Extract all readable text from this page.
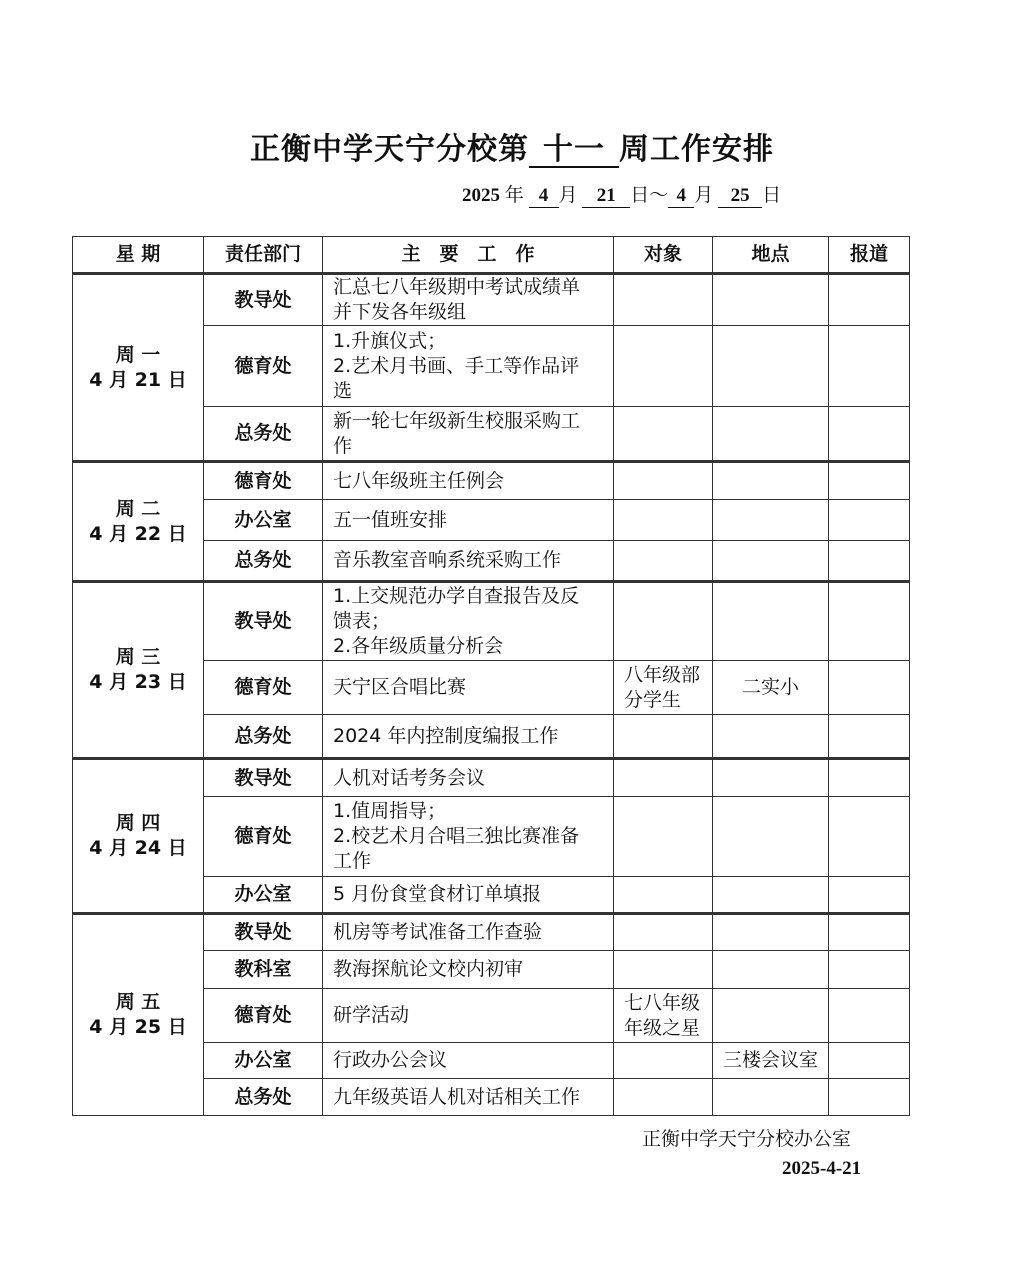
正衡中学天宁分校第 十一 周工作安排
2025 年 4 月 21 日～ 4 月 25 日
星 期	责任部门	主　要　工　作	对象	地点	报道

周 一
4 月 21 日	教导处	汇总七八年级期中考试成绩单
并下发各年级组			

	德育处	1.升旗仪式；
2.艺术月书画、手工等作品评
选			

	总务处	新一轮七年级新生校服采购工
作			

周 二
4 月 22 日	德育处	七八年级班主任例会			

	办公室	五一值班安排			

	总务处	音乐教室音响系统采购工作			

周 三
4 月 23 日	教导处	1.上交规范办学自查报告及反
馈表；
2.各年级质量分析会			

	德育处	天宁区合唱比赛	八年级部
分学生	二实小	
	总务处	2024 年内控制度编报工作			

周 四
4 月 24 日	教导处	人机对话考务会议			

	德育处	1.值周指导；
2.校艺术月合唱三独比赛准备
工作			

	办公室	5 月份食堂食材订单填报			

周 五
4 月 25 日	教导处	机房等考试准备工作查验			

	教科室	教海探航论文校内初审			

	德育处	研学活动	七八年级
年级之星		

	办公室	行政办公会议		三楼会议室	
	总务处	九年级英语人机对话相关工作			

正衡中学天宁分校办公室
2025-4-21
